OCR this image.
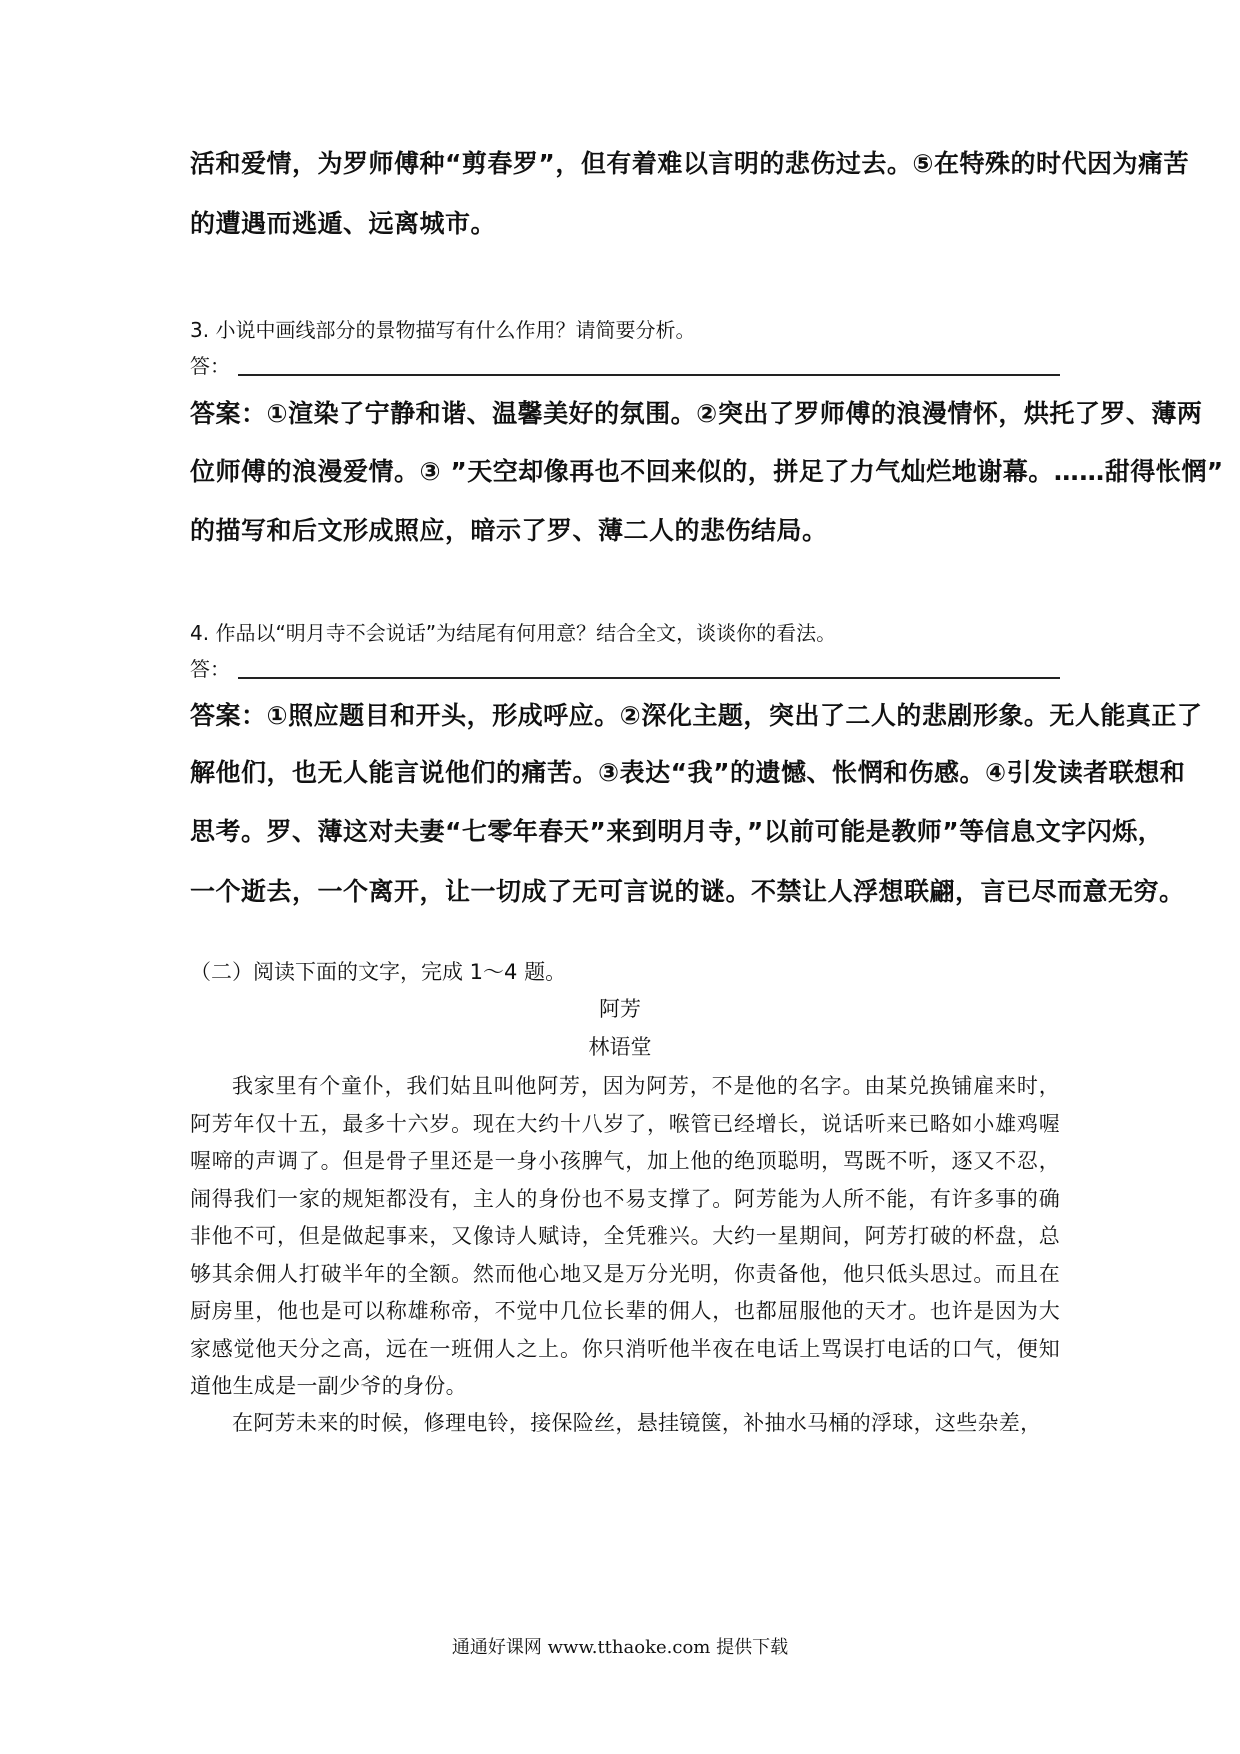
活和爱情，为罗师傅种“剪春罗”，但有着难以言明的悲伤过去。⑤在特殊的时代因为痛苦
的遭遇而逃遁、远离城市。
3. 小说中画线部分的景物描写有什么作用？请简要分析。
答：
答案：①渲染了宁静和谐、温馨美好的氛围。②突出了罗师傅的浪漫情怀，烘托了罗、薄两
位师傅的浪漫爱情。③ ”天空却像再也不回来似的，拼足了力气灿烂地谢幕。……甜得怅惘”
的描写和后文形成照应，暗示了罗、薄二人的悲伤结局。
4. 作品以“明月寺不会说话”为结尾有何用意？结合全文，谈谈你的看法。
答：
答案：①照应题目和开头，形成呼应。②深化主题，突出了二人的悲剧形象。无人能真正了
解他们，也无人能言说他们的痛苦。③表达“我”的遗憾、怅惘和伤感。④引发读者联想和
思考。罗、薄这对夫妻“七零年春天”来到明月寺，”以前可能是教师”等信息文字闪烁，
一个逝去，一个离开，让一切成了无可言说的谜。不禁让人浮想联翩，言已尽而意无穷。
（二）阅读下面的文字，完成 1～4 题。
阿芳
林语堂
我家里有个童仆，我们姑且叫他阿芳，因为阿芳，不是他的名字。由某兑换铺雇来时，阿芳年仅十五，最多十六岁。现在大约十八岁了，喉管已经增长，说话听来已略如小雄鸡喔喔啼的声调了。但是骨子里还是一身小孩脾气，加上他的绝顶聪明，骂既不听，逐又不忍，闹得我们一家的规矩都没有，主人的身份也不易支撑了。阿芳能为人所不能，有许多事的确非他不可，但是做起事来，又像诗人赋诗，全凭雅兴。大约一星期间，阿芳打破的杯盘，总够其余佣人打破半年的全额。然而他心地又是万分光明，你责备他，他只低头思过。而且在厨房里，他也是可以称雄称帝，不觉中几位长辈的佣人，也都屈服他的天才。也许是因为大家感觉他天分之高，远在一班佣人之上。你只消听他半夜在电话上骂误打电话的口气，便知道他生成是一副少爷的身份。
在阿芳未来的时候，修理电铃，接保险丝，悬挂镜箧，补抽水马桶的浮球，这些杂差，
通通好课网 www.tthaoke.com 提供下载
